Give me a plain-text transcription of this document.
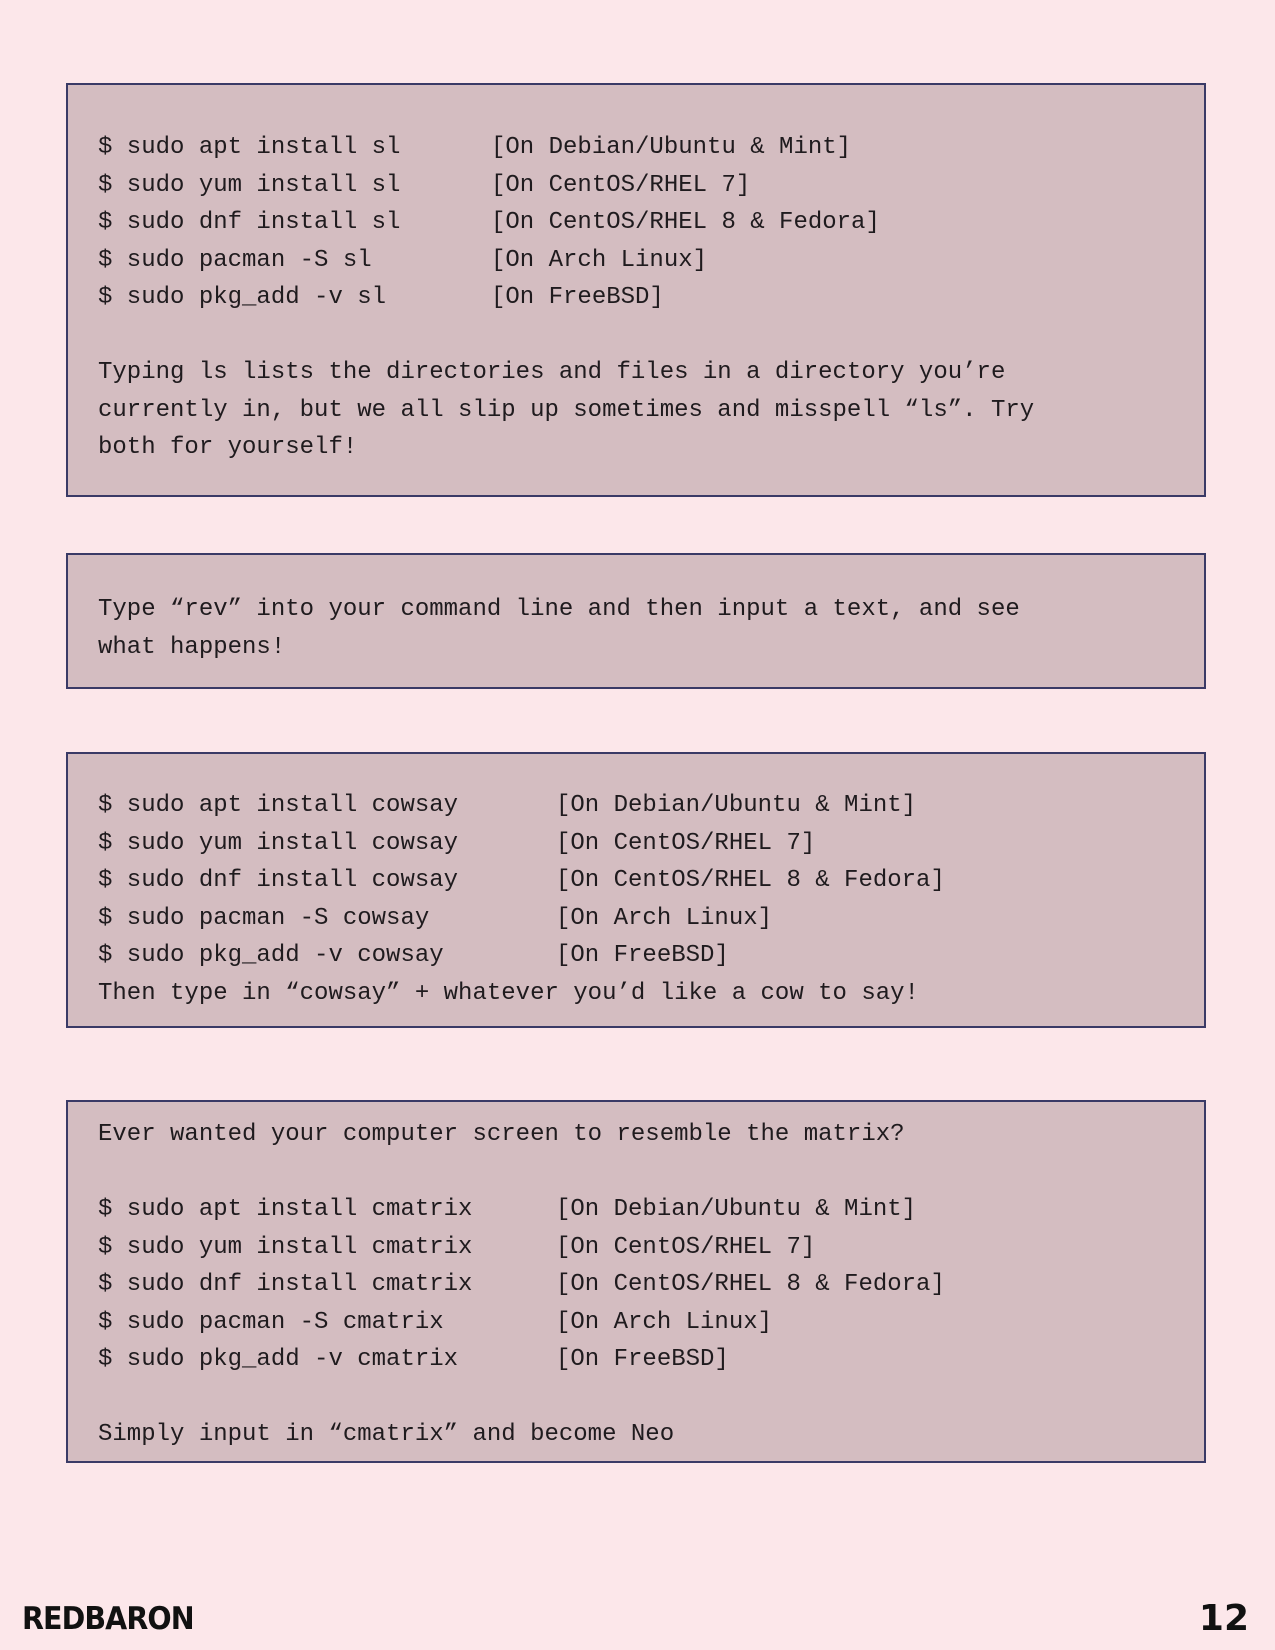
$ sudo apt install sl	[On Debian/Ubuntu & Mint]
$ sudo yum install sl	[On CentOS/RHEL 7]
$ sudo dnf install sl	[On CentOS/RHEL 8 & Fedora]
$ sudo pacman -S sl	[On Arch Linux]
$ sudo pkg_add -v sl	[On FreeBSD]
Typing ls lists the directories and files in a directory you’re
currently in, but we all slip up sometimes and misspell “ls”. Try
both for yourself!
Type “rev” into your command line and then input a text, and see
what happens!
$ sudo apt install cowsay	[On Debian/Ubuntu & Mint]
$ sudo yum install cowsay	[On CentOS/RHEL 7]
$ sudo dnf install cowsay	[On CentOS/RHEL 8 & Fedora]
$ sudo pacman -S cowsay	[On Arch Linux]
$ sudo pkg_add -v cowsay	[On FreeBSD]
Then type in “cowsay” + whatever you’d like a cow to say!
Ever wanted your computer screen to resemble the matrix?
$ sudo apt install cmatrix	[On Debian/Ubuntu & Mint]
$ sudo yum install cmatrix	[On CentOS/RHEL 7]
$ sudo dnf install cmatrix	[On CentOS/RHEL 8 & Fedora]
$ sudo pacman -S cmatrix	[On Arch Linux]
$ sudo pkg_add -v cmatrix	[On FreeBSD]
Simply input in “cmatrix” and become Neo
REDBARON	12
